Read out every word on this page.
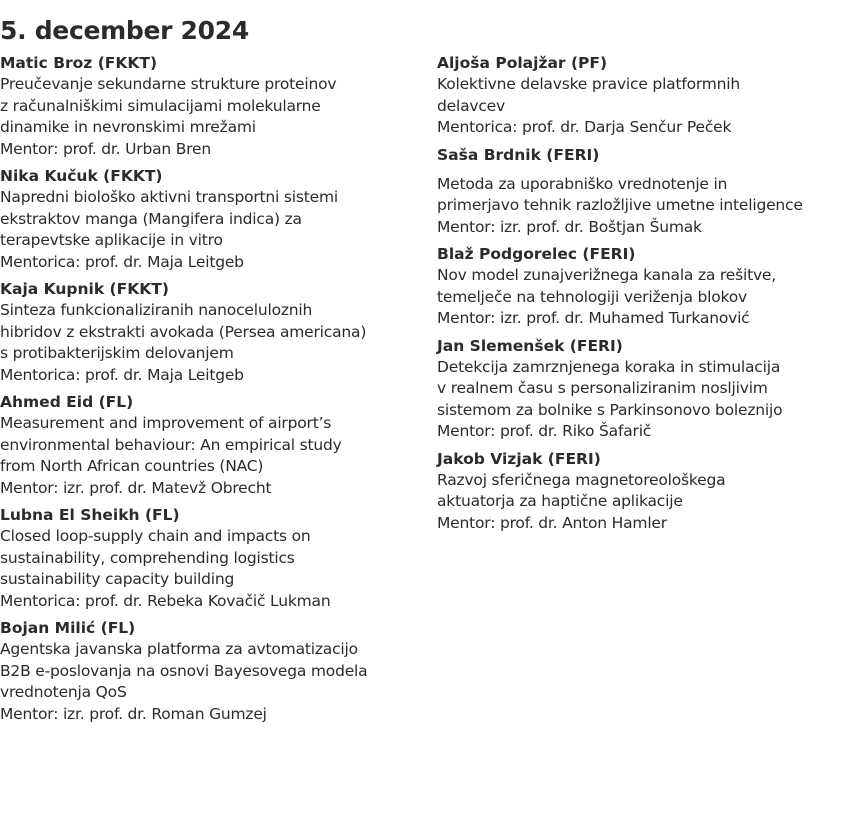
5. december 2024
Matic Broz (FKKT)
Preučevanje sekundarne strukture proteinov
z računalniškimi simulacijami molekularne
dinamike in nevronskimi mrežami
Mentor: prof. dr. Urban Bren
Nika Kučuk (FKKT)
Napredni biološko aktivni transportni sistemi
ekstraktov manga (Mangifera indica) za
terapevtske aplikacije in vitro
Mentorica: prof. dr. Maja Leitgeb
Kaja Kupnik (FKKT)
Sinteza funkcionaliziranih nanoceluloznih
hibridov z ekstrakti avokada (Persea americana)
s protibakterijskim delovanjem
Mentorica: prof. dr. Maja Leitgeb
Ahmed Eid (FL)
Measurement and improvement of airport’s
environmental behaviour: An empirical study
from North African countries (NAC)
Mentor: izr. prof. dr. Matevž Obrecht
Lubna El Sheikh (FL)
Closed loop-supply chain and impacts on
sustainability, comprehending logistics
sustainability capacity building
Mentorica: prof. dr. Rebeka Kovačič Lukman
Bojan Milić (FL)
Agentska javanska platforma za avtomatizacijo
B2B e-poslovanja na osnovi Bayesovega modela
vrednotenja QoS
Mentor: izr. prof. dr. Roman Gumzej
Aljoša Polajžar (PF)
Kolektivne delavske pravice platformnih
delavcev
Mentorica: prof. dr. Darja Senčur Peček
Saša Brdnik (FERI)
Metoda za uporabniško vrednotenje in
primerjavo tehnik razložljive umetne inteligence
Mentor: izr. prof. dr. Boštjan Šumak
Blaž Podgorelec (FERI)
Nov model zunajverižnega kanala za rešitve,
temelječe na tehnologiji veriženja blokov
Mentor: izr. prof. dr. Muhamed Turkanović
Jan Slemenšek (FERI)
Detekcija zamrznjenega koraka in stimulacija
v realnem času s personaliziranim nosljivim
sistemom za bolnike s Parkinsonovo boleznijo
Mentor: prof. dr. Riko Šafarič
Jakob Vizjak (FERI)
Razvoj sferičnega magnetoreološkega
aktuatorja za haptične aplikacije
Mentor: prof. dr. Anton Hamler
